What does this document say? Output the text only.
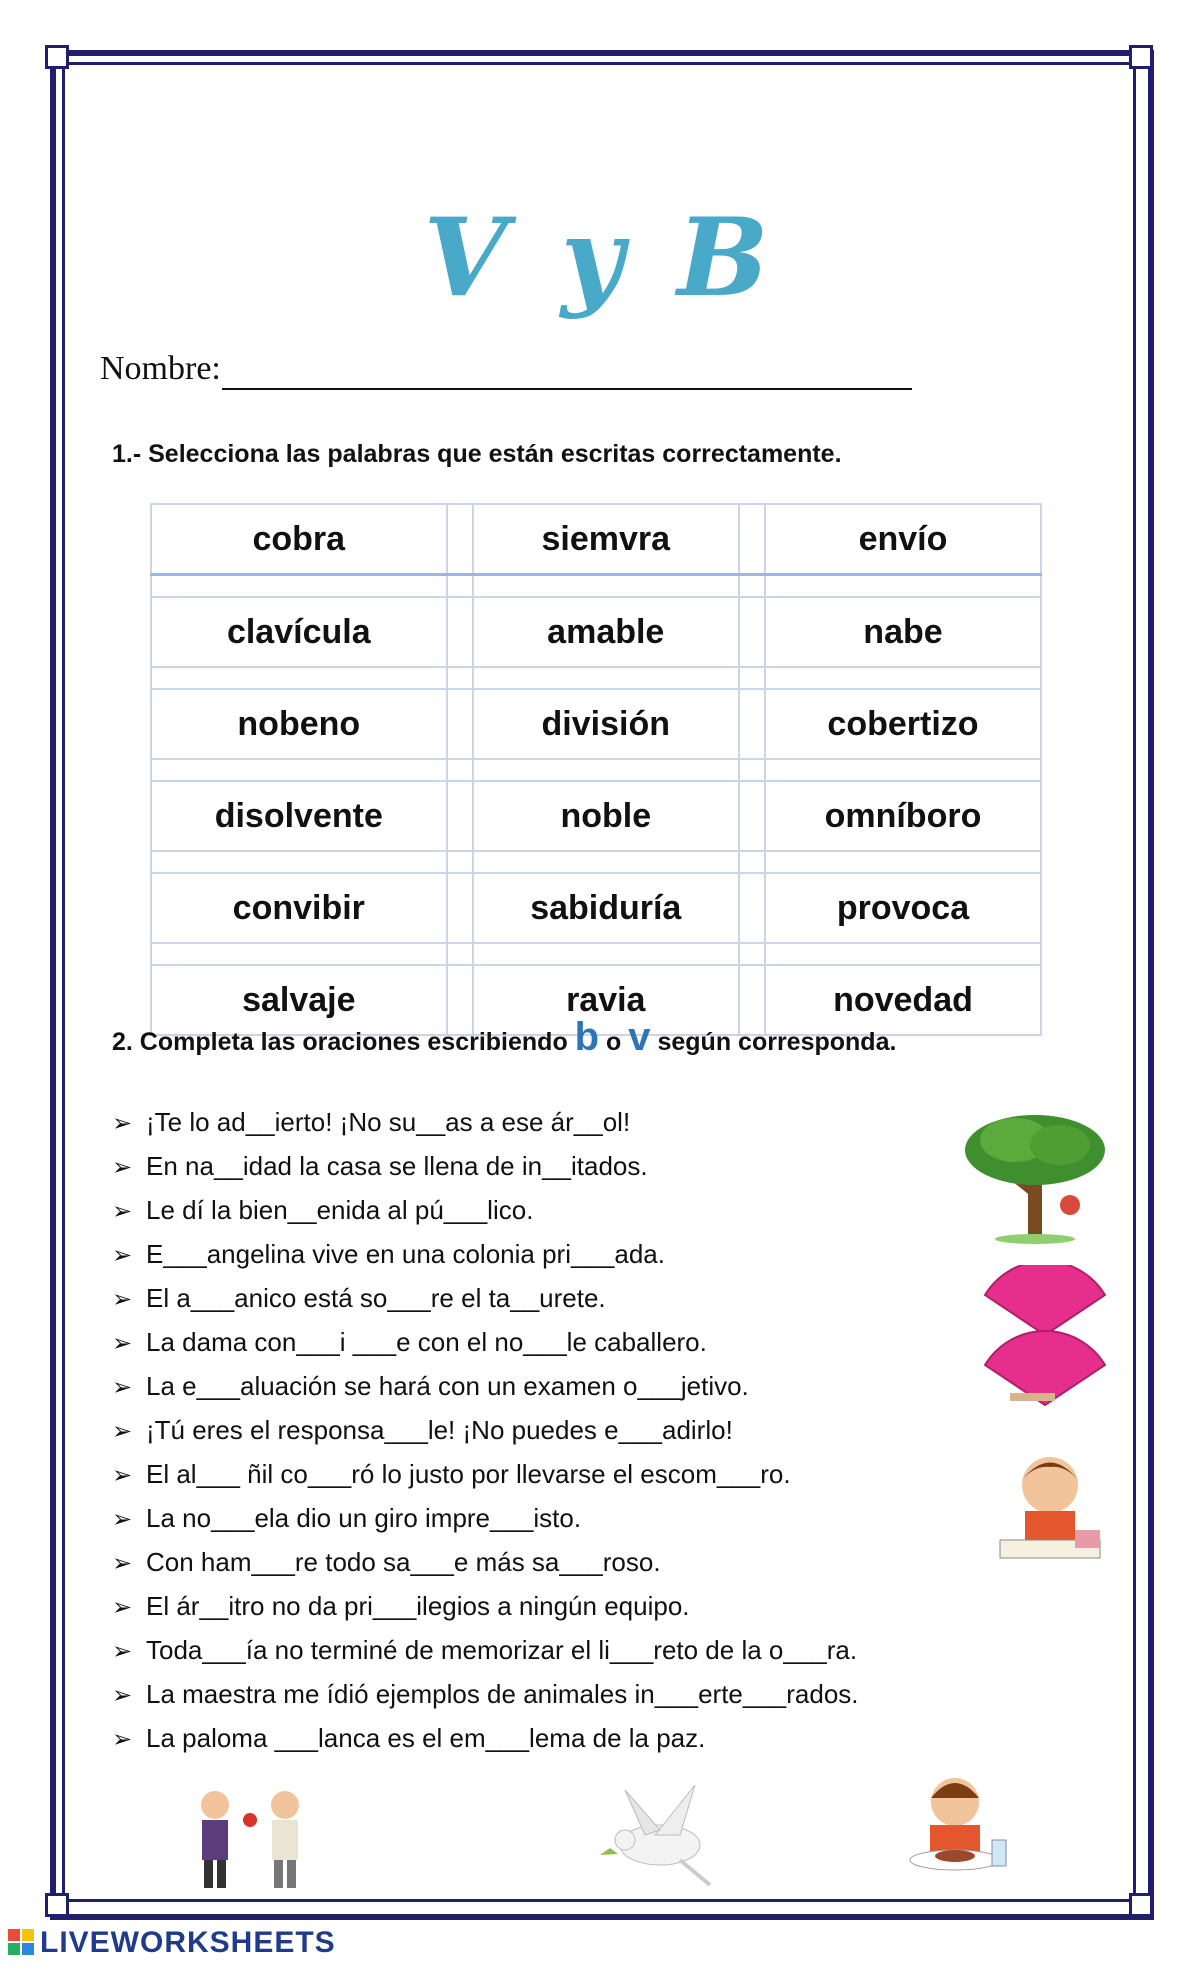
V y B
Nombre:
1.- Selecciona las palabras que están escritas correctamente.
cobra		siemvra		envío

clavícula		amable		nabe

nobeno		división		cobertizo

disolvente		noble		omníboro

convibir		sabiduría		provoca

salvaje		ravia		novedad
2. Completa las oraciones escribiendo b o v según corresponda.
➢ ¡Te lo ad__ierto! ¡No su__as a ese ár__ol!
➢ En na__idad la casa se llena de in__itados.
➢ Le dí la bien__enida al pú___lico.
➢ E___angelina vive en una colonia pri___ada.
➢ El a___anico está so___re el ta__urete.
➢ La dama con___i ___e con el no___le caballero.
➢ La e___aluación se hará con un examen o___jetivo.
➢ ¡Tú eres el responsa___le! ¡No puedes e___adirlo!
➢ El al___ ñil co___ró lo justo por llevarse el escom___ro.
➢ La no___ela dio un giro impre___isto.
➢ Con ham___re todo sa___e más sa___roso.
➢ El ár__itro no da pri___ilegios a ningún equipo.
➢ Toda___ía no terminé de memorizar el li___reto de la o___ra.
➢ La maestra me ídió ejemplos de animales in___erte___rados.
➢ La paloma ___lanca es el em___lema de la paz.
LIVEWORKSHEETS
